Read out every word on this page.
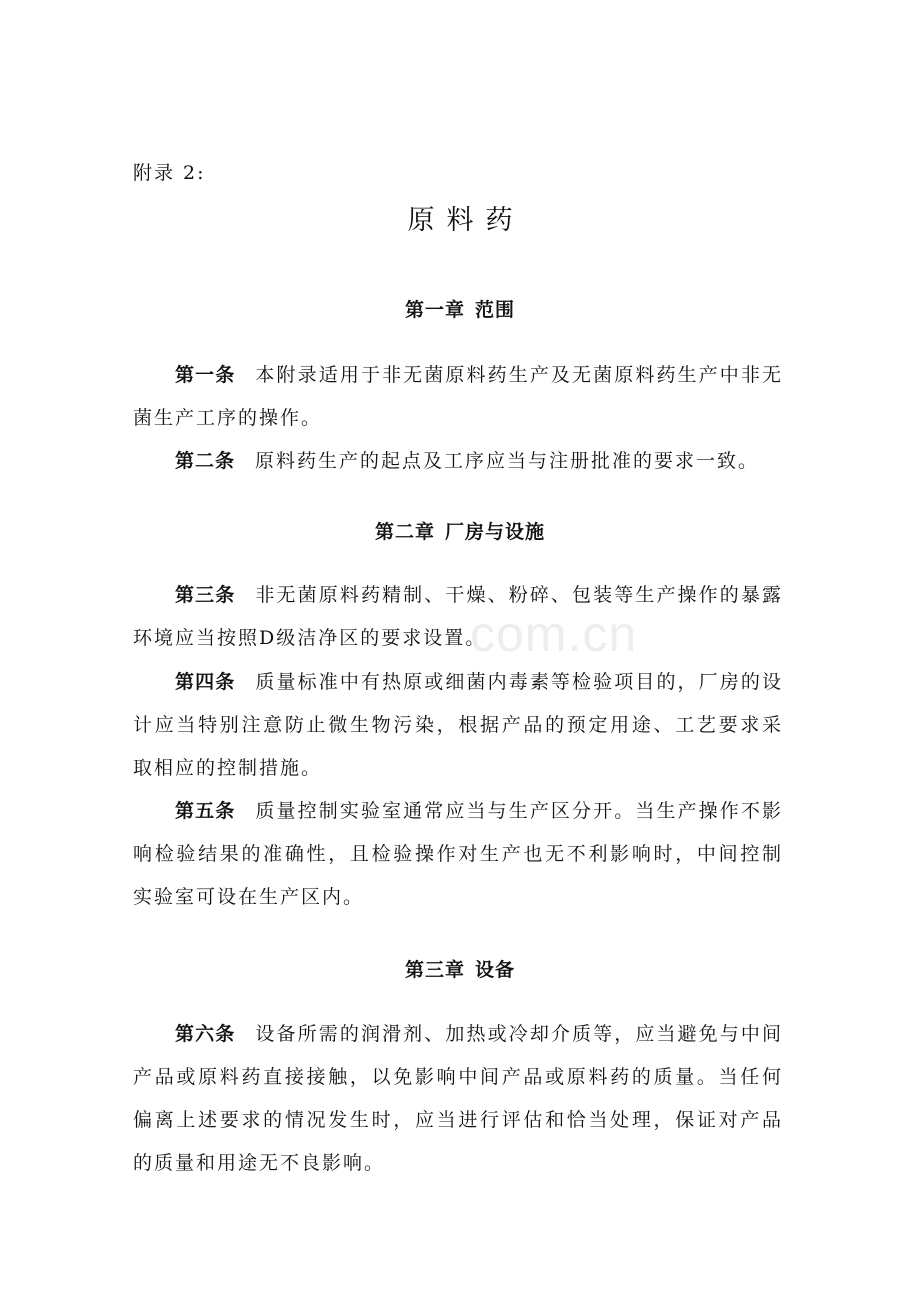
附录 2:

原料药
第一章 范围

第一条 本附录适用于非无菌原料药生产及无菌原料药生产中非无菌生产工序的操作。

第二条 原料药生产的起点及工序应当与注册批准的要求一致。

第二章 厂房与设施

第三条 非无菌原料药精制、干燥、粉碎、包装等生产操作的暴露环境应当按照D级洁净区的要求设置。

第四条 质量标准中有热原或细菌内毒素等检验项目的，厂房的设计应当特别注意防止微生物污染，根据产品的预定用途、工艺要求采取相应的控制措施。

第五条 质量控制实验室通常应当与生产区分开。当生产操作不影响检验结果的准确性，且检验操作对生产也无不利影响时，中间控制实验室可设在生产区内。

第三章 设备

第六条 设备所需的润滑剂、加热或冷却介质等，应当避免与中间产品或原料药直接接触，以免影响中间产品或原料药的质量。当任何偏离上述要求的情况发生时，应当进行评估和恰当处理，保证对产品的质量和用途无不良影响。

com.cn
